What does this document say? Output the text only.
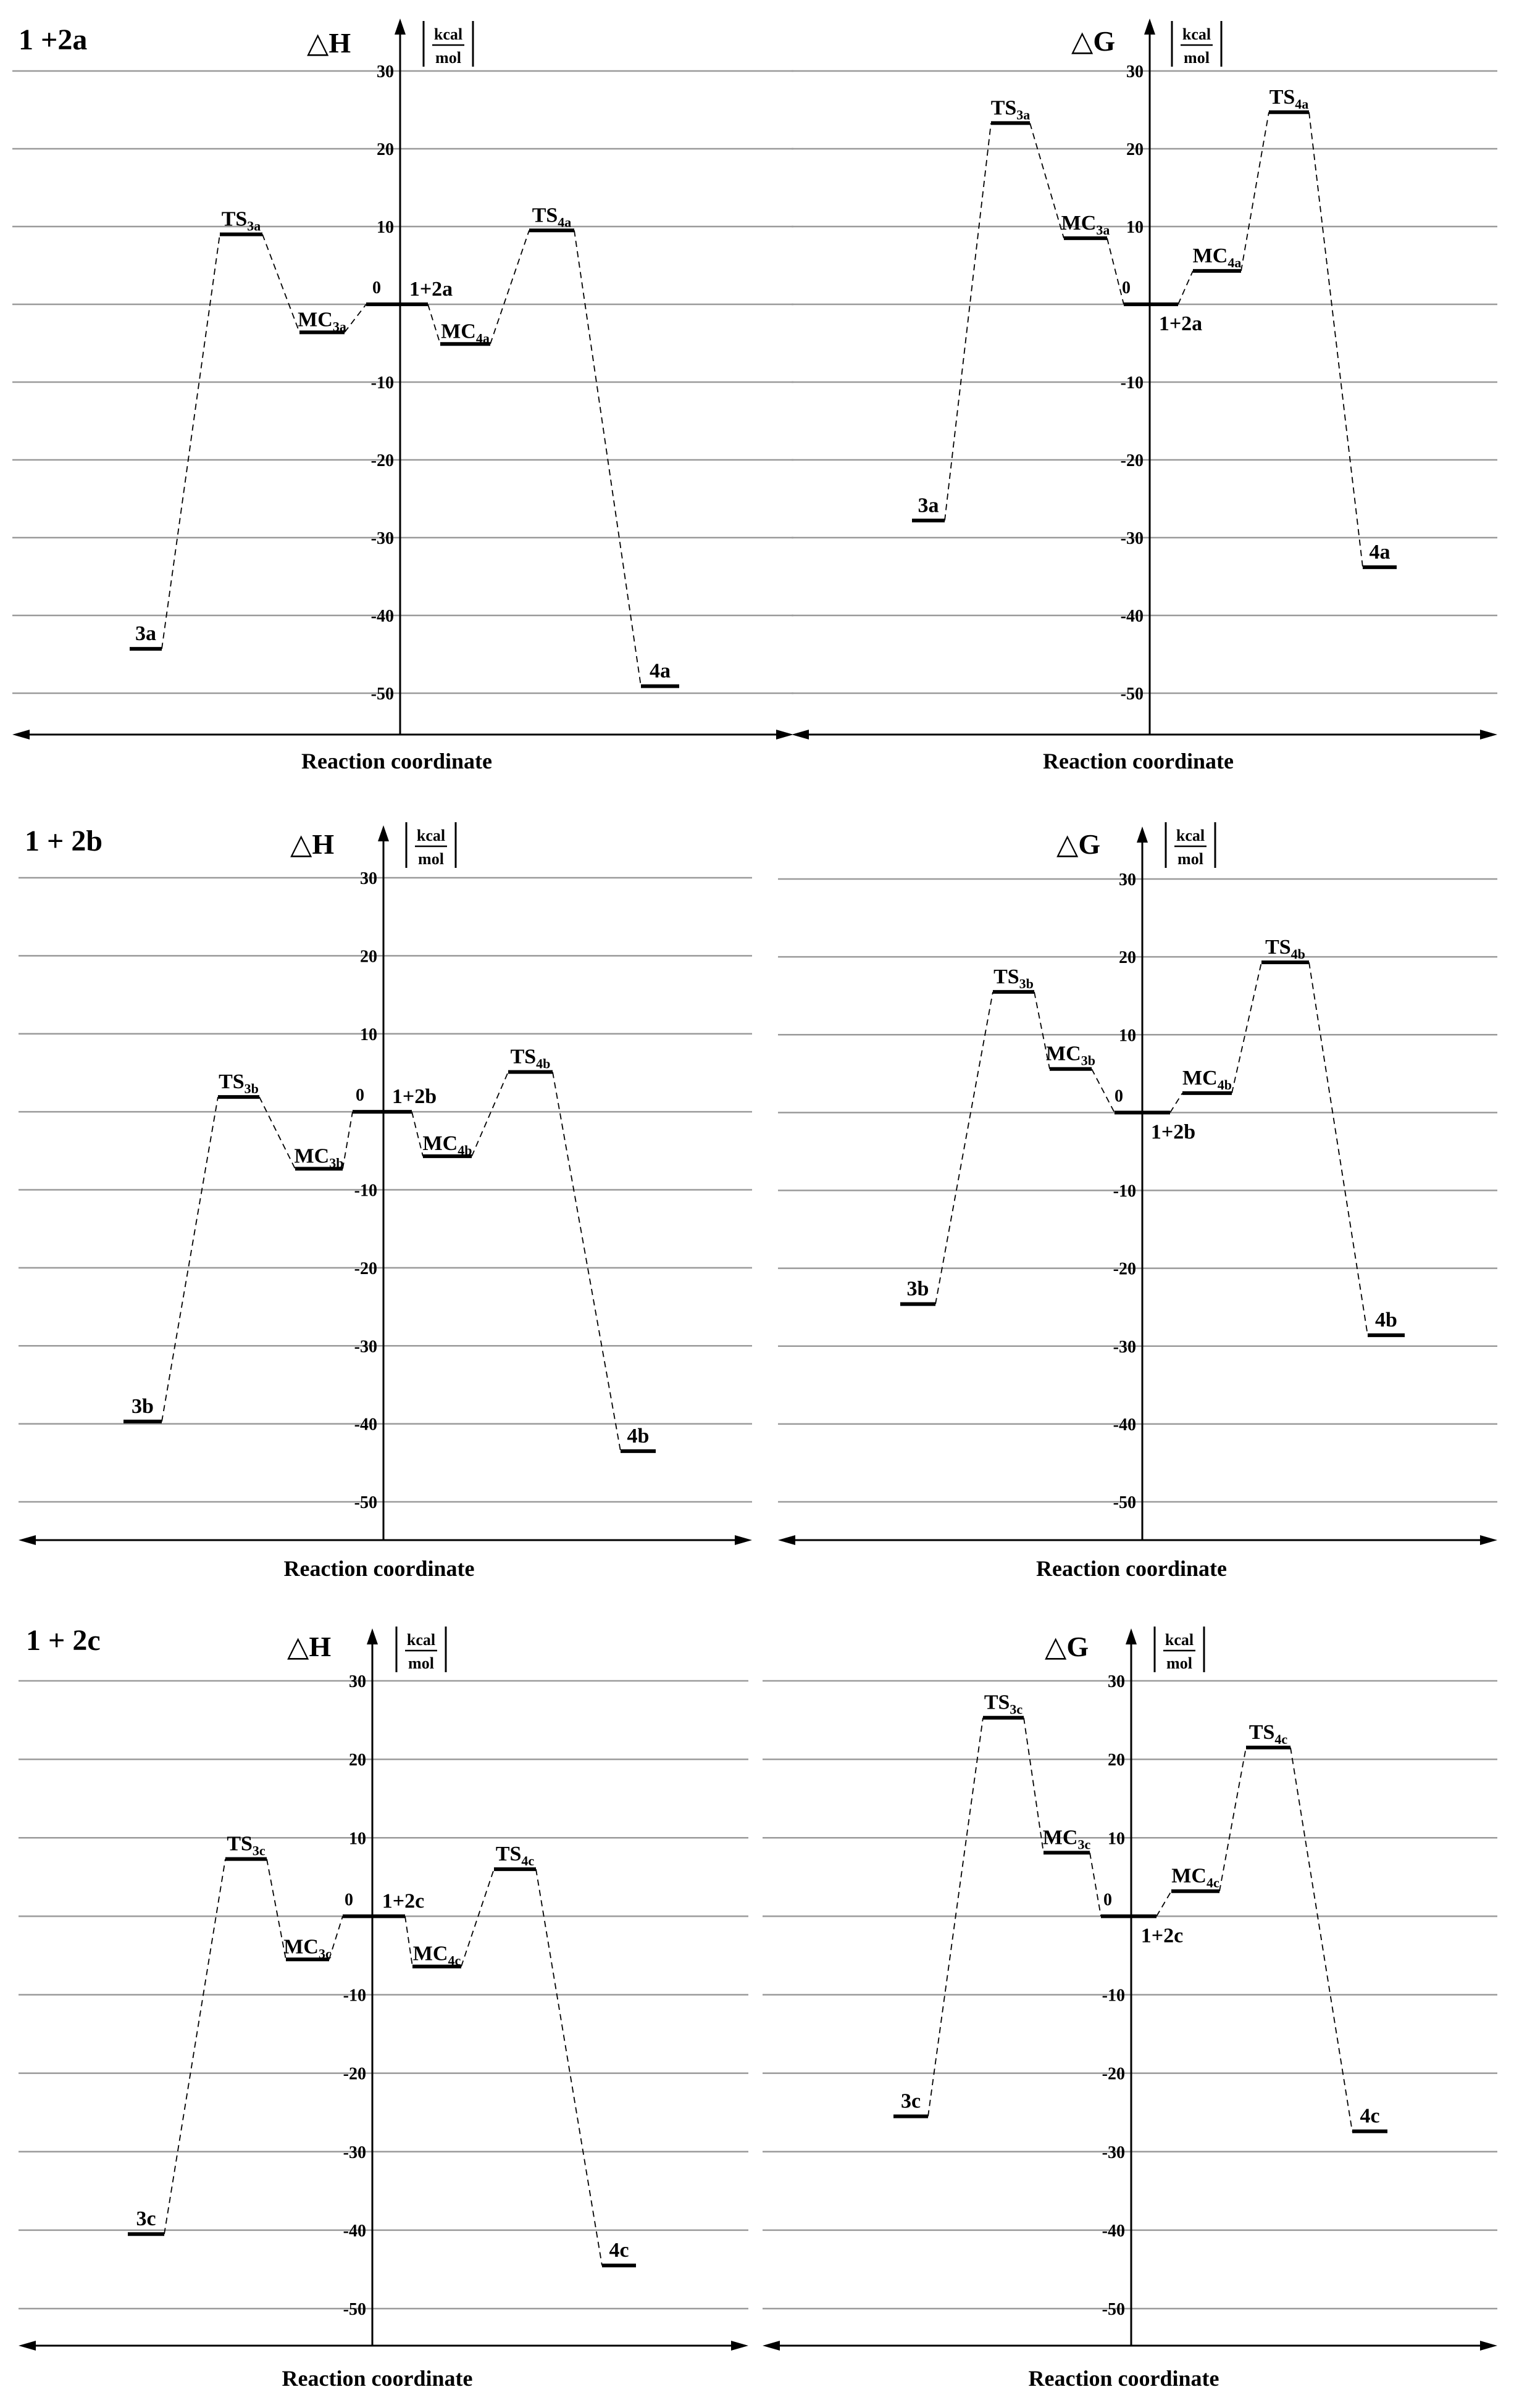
30
20
10
-10
-20
-30
-40
-50
Reaction coordinate
1 +2a	△H	kcal
mol
3a
$TS_{3a}$
$MC_{3a}$
0 1+2a
$MC_{4a}$
$TS_{4a}$
4a
30
20
10
-10
-20
-30
-40
-50
Reaction coordinate
△G	kcal
mol
3a
$TS_{3a}$
$MC_{3a}$
0
1+2a
$MC_{4a}$
$TS_{4a}$
4a
30
20
10
-10
-20
-30
-40
-50
Reaction coordinate
1 + 2b	△H	kcal
mol
3b
$TS_{3b}$
$MC_{3b}$
0 1+2b
$MC_{4b}$
$TS_{4b}$
4b
30
20
10
-10
-20
-30
-40
-50
Reaction coordinate
△G	kcal
mol
3b
$TS_{3b}$
$MC_{3b}$
0
1+2b
$MC_{4b}$
$TS_{4b}$
4b
30
20
10
-10
-20
-30
-40
-50
Reaction coordinate
1 + 2c	△H	kcal
mol
3c
$TS_{3c}$
$MC_{3c}$
0 1+2c
$MC_{4c}$
$TS_{4c}$
4c
30
20
10
-10
-20
-30
-40
-50
Reaction coordinate
△G	kcal
mol
3c
$TS_{3c}$
$MC_{3c}$
0
1+2c
$MC_{4c}$
$TS_{4c}$
4c
